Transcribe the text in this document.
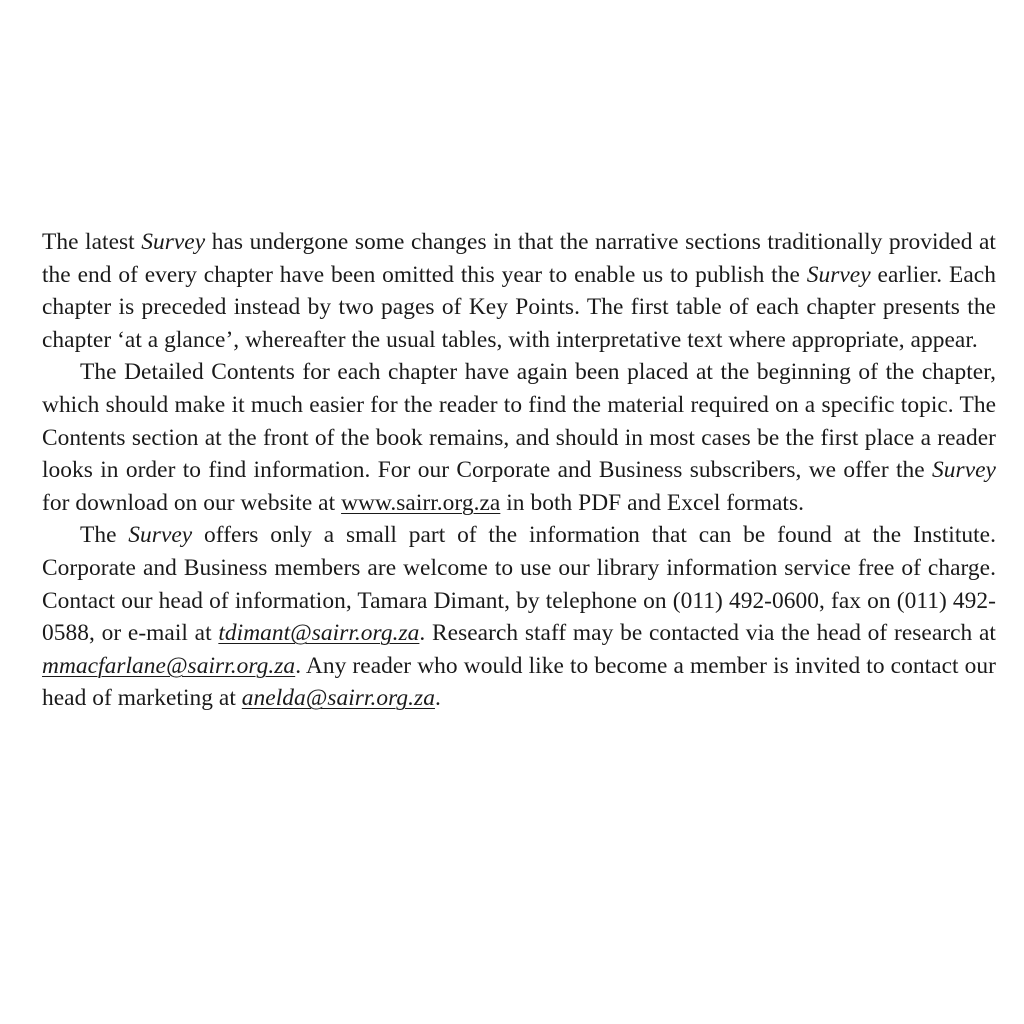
The latest Survey has undergone some changes in that the narrative sections traditionally provided at the end of every chapter have been omitted this year to enable us to publish the Survey earlier. Each chapter is preceded instead by two pages of Key Points. The first table of each chapter presents the chapter ‘at a glance’, whereafter the usual tables, with interpretative text where appropriate, appear.

The Detailed Contents for each chapter have again been placed at the beginning of the chapter, which should make it much easier for the reader to find the material required on a specific topic. The Contents section at the front of the book remains, and should in most cases be the first place a reader looks in order to find information. For our Corporate and Business subscribers, we offer the Survey for download on our website at www.sairr.org.za in both PDF and Excel formats.

The Survey offers only a small part of the information that can be found at the Institute. Corporate and Business members are welcome to use our library information service free of charge. Contact our head of information, Tamara Dimant, by telephone on (011) 492-0600, fax on (011) 492-0588, or e-mail at tdimant@sairr.org.za. Research staff may be contacted via the head of research at mmacfarlane@sairr.org.za. Any reader who would like to become a member is invited to contact our head of marketing at anelda@sairr.org.za.
